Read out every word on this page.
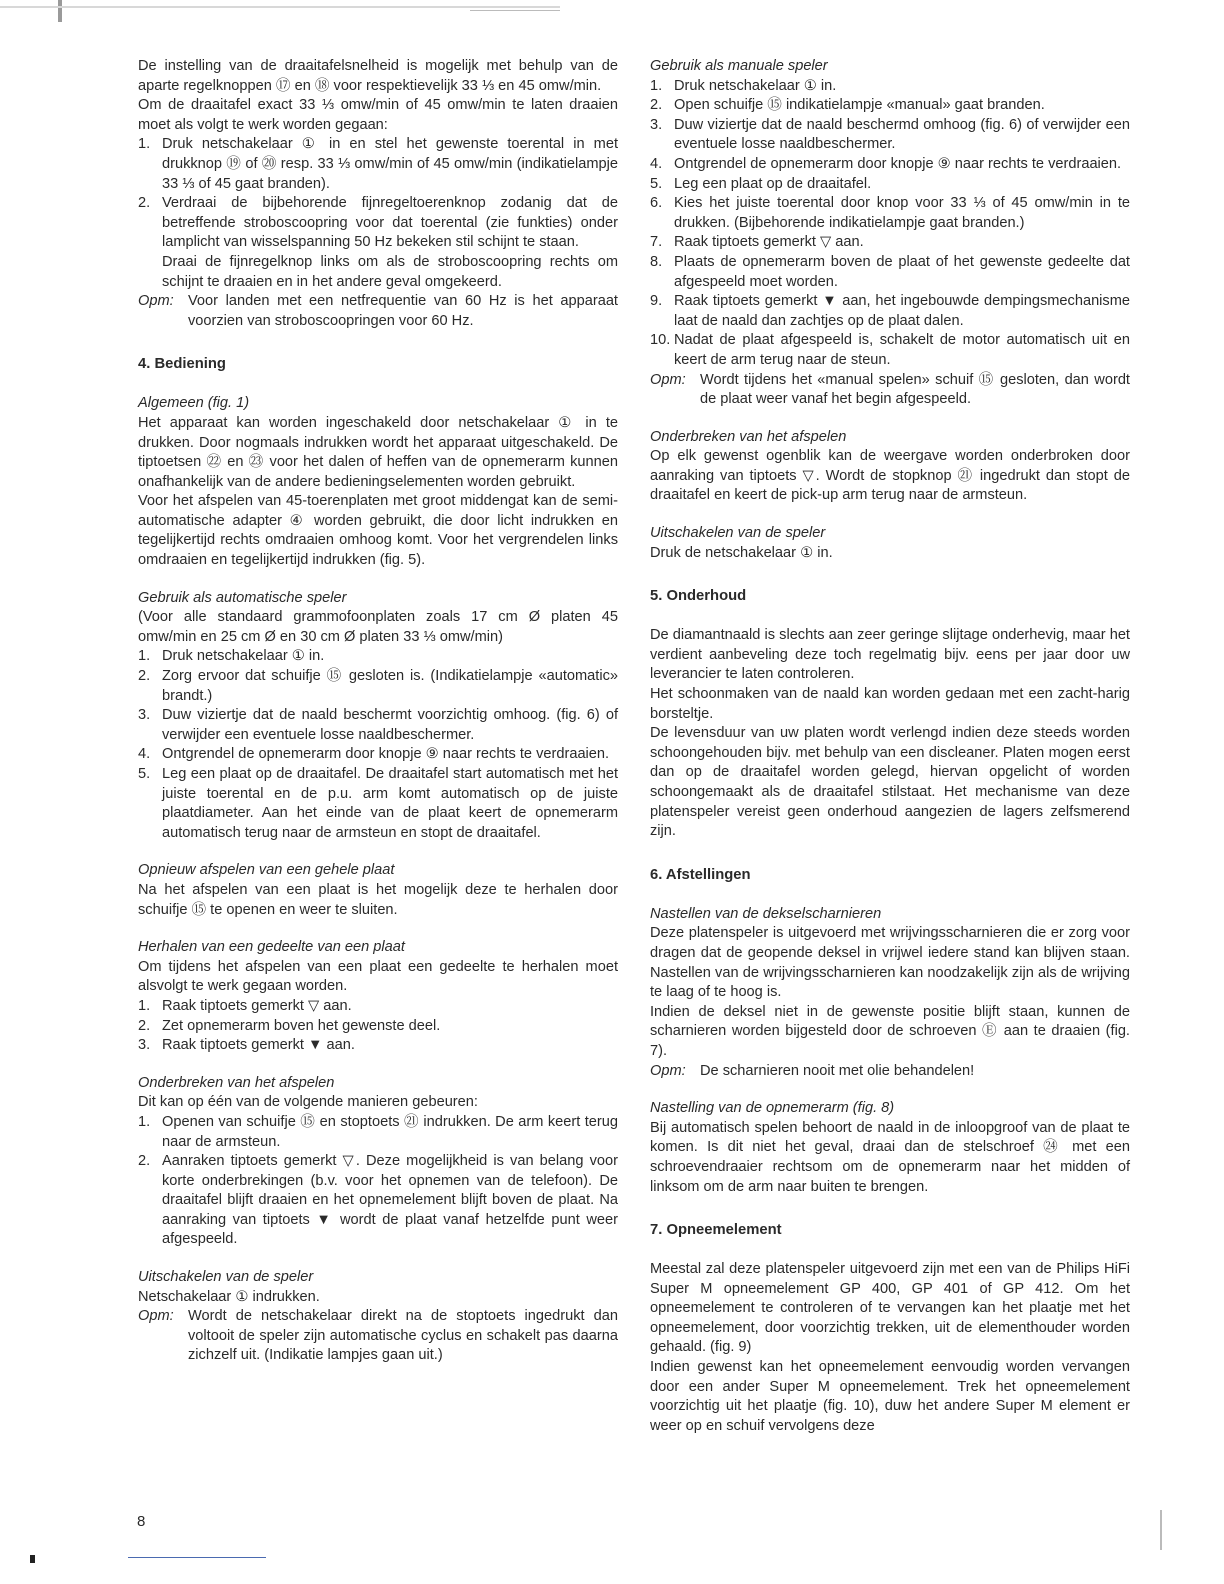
De instelling van de draaitafelsnelheid is mogelijk met behulp van de aparte regelknoppen ⑰ en ⑱ voor respektievelijk 33 ⅓ en 45 omw/min.

Om de draaitafel exact 33 ⅓ omw/min of 45 omw/min te laten draaien moet als volgt te werk worden gegaan:

1. Druk netschakelaar ① in en stel het gewenste toerental in met drukknop ⑲ of ⑳ resp. 33 ⅓ omw/min of 45 omw/min (indikatielampje 33 ⅓ of 45 gaat branden).
2. Verdraai de bijbehorende fijnregeltoerenknop zodanig dat de betreffende stroboscoopring voor dat toerental (zie funkties) onder lamplicht van wisselspanning 50 Hz bekeken stil schijnt te staan.
Draai de fijnregelknop links om als de stroboscoopring rechts om schijnt te draaien en in het andere geval omgekeerd.
Opm: Voor landen met een netfrequentie van 60 Hz is het apparaat voorzien van stroboscoopringen voor 60 Hz.
4. Bediening

Algemeen (fig. 1)

Het apparaat kan worden ingeschakeld door netschakelaar ① in te drukken. Door nogmaals indrukken wordt het apparaat uitgeschakeld. De tiptoetsen ㉒ en ㉓ voor het dalen of heffen van de opnemerarm kunnen onafhankelijk van de andere bedieningselementen worden gebruikt.

Voor het afspelen van 45-toerenplaten met groot middengat kan de semi-automatische adapter ④ worden gebruikt, die door licht indrukken en tegelijkertijd rechts omdraaien omhoog komt. Voor het vergrendelen links omdraaien en tegelijkertijd indrukken (fig. 5).

Gebruik als automatische speler

(Voor alle standaard grammofoonplaten zoals 17 cm Ø platen 45 omw/min en 25 cm Ø en 30 cm Ø platen 33 ⅓ omw/min)

1. Druk netschakelaar ① in.
2. Zorg ervoor dat schuifje ⑮ gesloten is. (Indikatielampje «automatic» brandt.)
3. Duw viziertje dat de naald beschermt voorzichtig omhoog. (fig. 6) of verwijder een eventuele losse naaldbeschermer.
4. Ontgrendel de opnemerarm door knopje ⑨ naar rechts te verdraaien.
5. Leg een plaat op de draaitafel. De draaitafel start automatisch met het juiste toerental en de p.u. arm komt automatisch op de juiste plaatdiameter. Aan het einde van de plaat keert de opnemerarm automatisch terug naar de armsteun en stopt de draaitafel.

Opnieuw afspelen van een gehele plaat

Na het afspelen van een plaat is het mogelijk deze te herhalen door schuifje ⑮ te openen en weer te sluiten.

Herhalen van een gedeelte van een plaat

Om tijdens het afspelen van een plaat een gedeelte te herhalen moet alsvolgt te werk gegaan worden.

1. Raak tiptoets gemerkt ▽ aan.
2. Zet opnemerarm boven het gewenste deel.
3. Raak tiptoets gemerkt ▼ aan.

Onderbreken van het afspelen

Dit kan op één van de volgende manieren gebeuren:

1. Openen van schuifje ⑮ en stoptoets ㉑ indrukken. De arm keert terug naar de armsteun.
2. Aanraken tiptoets gemerkt ▽. Deze mogelijkheid is van belang voor korte onderbrekingen (b.v. voor het opnemen van de telefoon). De draaitafel blijft draaien en het opnemelement blijft boven de plaat. Na aanraking van tiptoets ▼ wordt de plaat vanaf hetzelfde punt weer afgespeeld.

Uitschakelen van de speler

Netschakelaar ① indrukken.

Opm: Wordt de netschakelaar direkt na de stoptoets ingedrukt dan voltooit de speler zijn automatische cyclus en schakelt pas daarna zichzelf uit. (Indikatie lampjes gaan uit.)

Gebruik als manuale speler

1. Druk netschakelaar ① in.
2. Open schuifje ⑮ indikatielampje «manual» gaat branden.
3. Duw viziertje dat de naald beschermd omhoog (fig. 6) of verwijder een eventuele losse naaldbeschermer.
4. Ontgrendel de opnemerarm door knopje ⑨ naar rechts te verdraaien.
5. Leg een plaat op de draaitafel.
6. Kies het juiste toerental door knop voor 33 ⅓ of 45 omw/min in te drukken. (Bijbehorende indikatielampje gaat branden.)
7. Raak tiptoets gemerkt ▽ aan.
8. Plaats de opnemerarm boven de plaat of het gewenste gedeelte dat afgespeeld moet worden.
9. Raak tiptoets gemerkt ▼ aan, het ingebouwde dempingsmechanisme laat de naald dan zachtjes op de plaat dalen.
10. Nadat de plaat afgespeeld is, schakelt de motor automatisch uit en keert de arm terug naar de steun.
Opm: Wordt tijdens het «manual spelen» schuif ⑮ gesloten, dan wordt de plaat weer vanaf het begin afgespeeld.

Onderbreken van het afspelen

Op elk gewenst ogenblik kan de weergave worden onderbroken door aanraking van tiptoets ▽. Wordt de stopknop ㉑ ingedrukt dan stopt de draaitafel en keert de pick-up arm terug naar de armsteun.

Uitschakelen van de speler

Druk de netschakelaar ① in.

5. Onderhoud

De diamantnaald is slechts aan zeer geringe slijtage onderhevig, maar het verdient aanbeveling deze toch regelmatig bijv. eens per jaar door uw leverancier te laten controleren.

Het schoonmaken van de naald kan worden gedaan met een zacht-harig borsteltje.

De levensduur van uw platen wordt verlengd indien deze steeds worden schoongehouden bijv. met behulp van een discleaner. Platen mogen eerst dan op de draaitafel worden gelegd, hiervan opgelicht of worden schoongemaakt als de draaitafel stilstaat. Het mechanisme van deze platenspeler vereist geen onderhoud aangezien de lagers zelfsmerend zijn.

6. Afstellingen

Nastellen van de dekselscharnieren

Deze platenspeler is uitgevoerd met wrijvingsscharnieren die er zorg voor dragen dat de geopende deksel in vrijwel iedere stand kan blijven staan. Nastellen van de wrijvingsscharnieren kan noodzakelijk zijn als de wrijving te laag of te hoog is.

Indien de deksel niet in de gewenste positie blijft staan, kunnen de scharnieren worden bijgesteld door de schroeven Ⓔ aan te draaien (fig. 7).

Opm: De scharnieren nooit met olie behandelen!

Nastelling van de opnemerarm (fig. 8)

Bij automatisch spelen behoort de naald in de inloopgroof van de plaat te komen. Is dit niet het geval, draai dan de stelschroef ㉔ met een schroevendraaier rechtsom om de opnemerarm naar het midden of linksom om de arm naar buiten te brengen.

7. Opneemelement

Meestal zal deze platenspeler uitgevoerd zijn met een van de Philips HiFi Super M opneemelement GP 400, GP 401 of GP 412. Om het opneemelement te controleren of te vervangen kan het plaatje met het opneemelement, door voorzichtig trekken, uit de elementhouder worden gehaald. (fig. 9)

Indien gewenst kan het opneemelement eenvoudig worden vervangen door een ander Super M opneemelement. Trek het opneemelement voorzichtig uit het plaatje (fig. 10), duw het andere Super M element er weer op en schuif vervolgens deze

8
